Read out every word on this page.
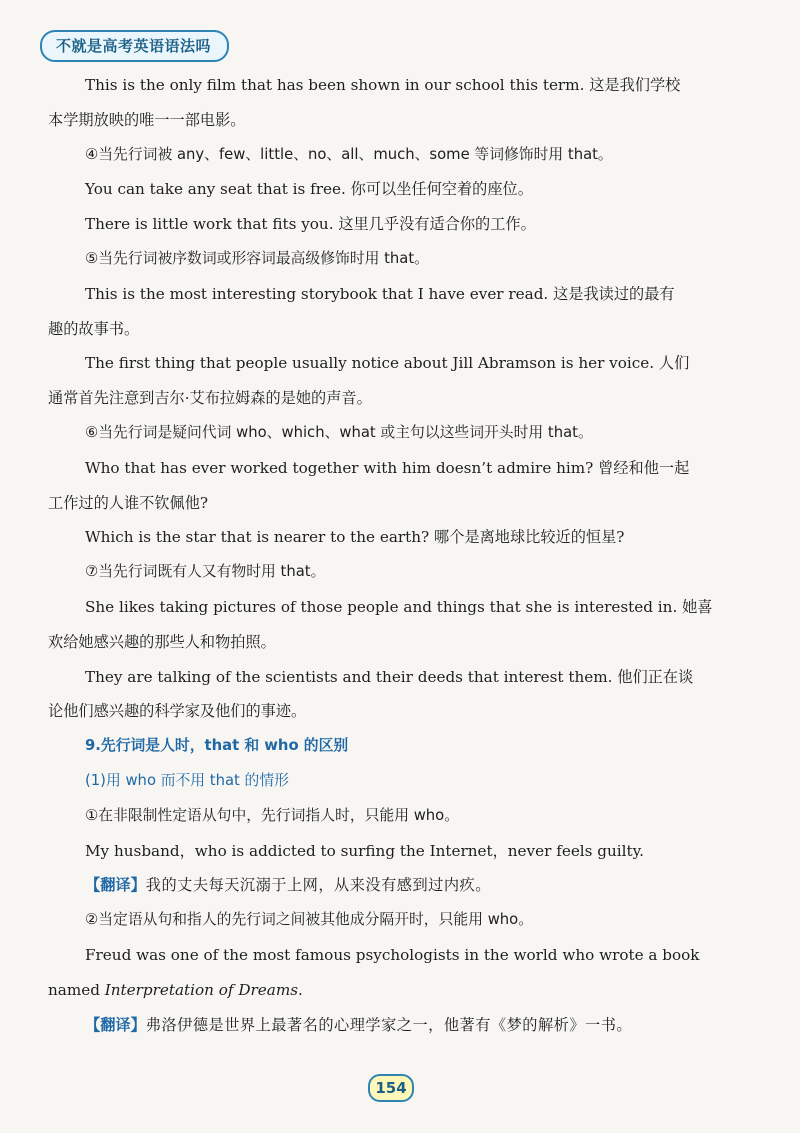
不就是高考英语语法吗
This is the only film that has been shown in our school this term. 这是我们学校
本学期放映的唯一一部电影。
④当先行词被 any、few、little、no、all、much、some 等词修饰时用 that。
You can take any seat that is free. 你可以坐任何空着的座位。
There is little work that fits you. 这里几乎没有适合你的工作。
⑤当先行词被序数词或形容词最高级修饰时用 that。
This is the most interesting storybook that I have ever read. 这是我读过的最有
趣的故事书。
The first thing that people usually notice about Jill Abramson is her voice. 人们
通常首先注意到吉尔·艾布拉姆森的是她的声音。
⑥当先行词是疑问代词 who、which、what 或主句以这些词开头时用 that。
Who that has ever worked together with him doesn’t admire him? 曾经和他一起
工作过的人谁不钦佩他?
Which is the star that is nearer to the earth? 哪个是离地球比较近的恒星?
⑦当先行词既有人又有物时用 that。
She likes taking pictures of those people and things that she is interested in. 她喜
欢给她感兴趣的那些人和物拍照。
They are talking of the scientists and their deeds that interest them. 他们正在谈
论他们感兴趣的科学家及他们的事迹。
9.先行词是人时，that 和 who 的区别
(1)用 who 而不用 that 的情形
①在非限制性定语从句中，先行词指人时，只能用 who。
My husband，who is addicted to surfing the Internet，never feels guilty.
【翻译】我的丈夫每天沉溺于上网，从来没有感到过内疚。
②当定语从句和指人的先行词之间被其他成分隔开时，只能用 who。
Freud was one of the most famous psychologists in the world who wrote a book
named Interpretation of Dreams.
【翻译】弗洛伊德是世界上最著名的心理学家之一，他著有《梦的解析》一书。
154
